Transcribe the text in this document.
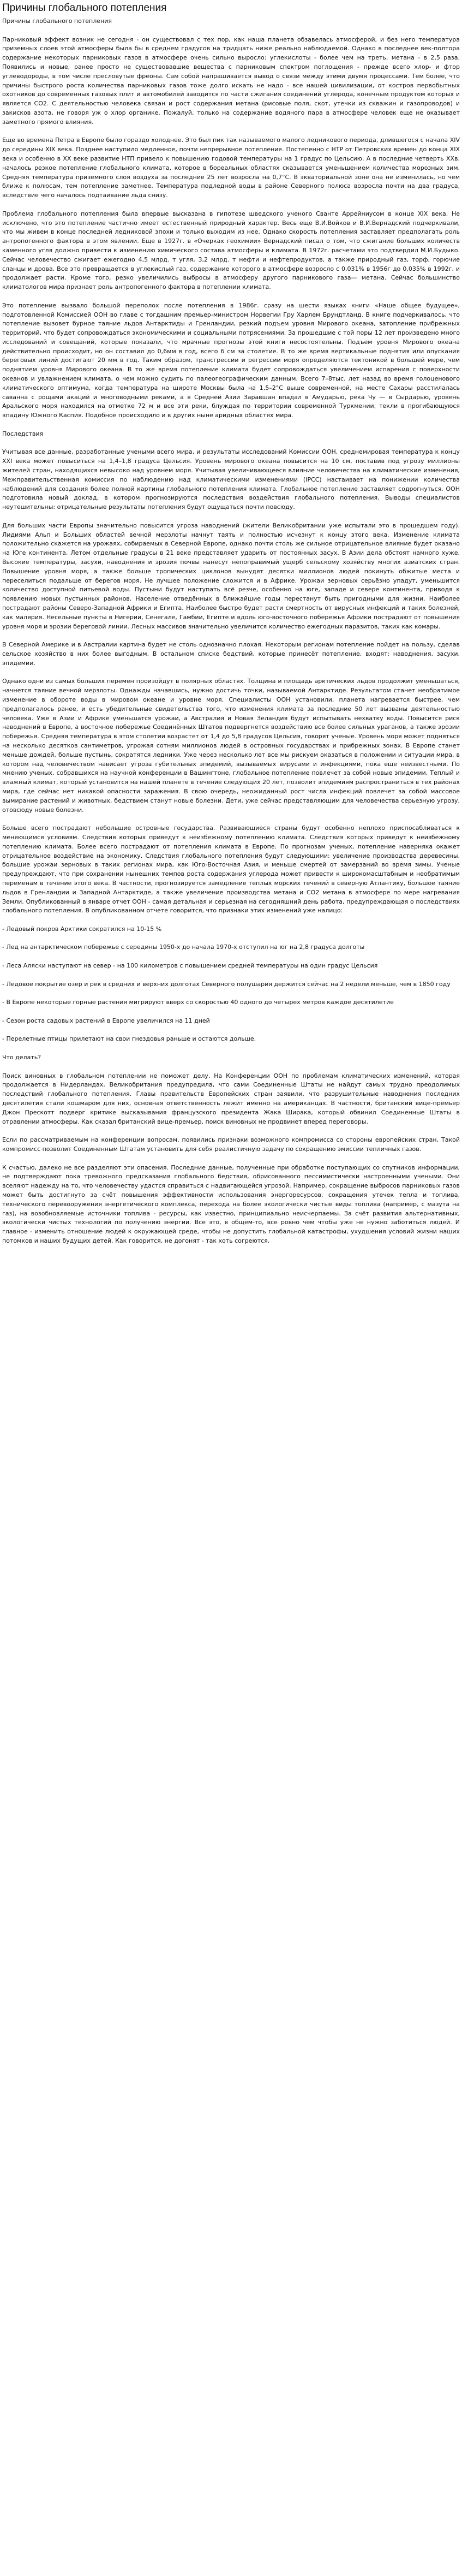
Причины глобального потепления

Причины глобального потепления

Парниковый эффект возник не сегодня - он существовал с тех пор, как наша планета обзавелась атмосферой, и без него температура приземных слоев этой атмосферы была бы в среднем градусов на тридцать ниже реально наблюдаемой. Однако в последнее век-полтора содержание некоторых парниковых газов в атмосфере очень сильно выросло: углекислоты - более чем на треть, метана - в 2,5 раза. Появились и новые, ранее просто не существовавшие вещества с парниковым спектром поглощения - прежде всего хлор- и фтор углеводороды, в том числе пресловутые фреоны. Сам собой напрашивается вывод о связи между этими двумя процессами. Тем более, что причины быстрого роста количества парниковых газов тоже долго искать не надо - все нашей цивилизации, от костров первобытных охотников до современных газовых плит и автомобилей заводится по части сжигания соединений углерода, конечным продуктом которых и является CO2. С деятельностью человека связан и рост содержания метана (рисовые поля, скот, утечки из скважин и газопроводов) и закисков азота, не говоря уж о хлор органике. Пожалуй, только на содержание водяного пара в атмосфере человек еще не оказывает заметного прямого влияния.

Еще во времена Петра в Европе было гораздо холоднее. Это был пик так называемого малого ледникового периода, длившегося с начала XIV до середины XIX века. Позднее наступило медленное, почти непрерывное потепление. Постепенно с НТР от Петровских времен до конца XIX века и особенно в XX веке развитие НТП привело к повышению годовой температуры на 1 градус по Цельсию. А в последние четверть XXв. началось резкое потепление глобального климата, которое в бореальных областях сказывается уменьшением количества морозных зим. Средняя температура приземного слоя воздуха за последние 25 лет возросла на 0,7°С. В экваториальной зоне она не изменилась, но чем ближе к полюсам, тем потепление заметнее. Температура подледной воды в районе Северного полюса возросла почти на два градуса, вследствие чего началось подтаивание льда снизу.

Проблема глобального потепления была впервые высказана в гипотезе шведского ученого Сванте Аррейниусом в конце XIX века. Не исключено, что это потепление частично имеет естественный природный характер. Весь еще В.И.Войков и В.И.Вернадский подчеркивали, что мы живем в конце последней ледниковой эпохи и только выходим из нее. Однако скорость потепления заставляет предполагать роль антропогенного фактора в этом явлении. Еще в 1927г. в «Очерках геохимии» Вернадский писал о том, что сжигание больших количеств каменного угля должно привести к изменению химического состава атмосферы и климата. В 1972г. расчетами это подтвердил М.И.Будыко. Сейчас человечество сжигает ежегодно 4,5 млрд. т угля, 3,2 млрд. т нефти и нефтепродуктов, а также природный газ, торф, горючие сланцы и дрова. Все это превращается в углекислый газ, содержание которого в атмосфере возросло с 0,031% в 1956г до 0,035% в 1992г. и продолжает расти. Кроме того, резко увеличились выбросы в атмосферу другого парникового газа— метана. Сейчас большинство климатологов мира признает роль антропогенного фактора в потеплении климата.

Это потепление вызвало большой переполох после потепления в 1986г. сразу на шести языках книги «Наше общее будущее», подготовленной Комиссией ООН во главе с тогдашним премьер-министром Норвегии Гру Харлем Брундтланд. В книге подчеркивалось, что потепление вызовет бурное таяние льдов Антарктиды и Гренландии, резкий подъем уровня Мирового океана, затопление прибрежных территорий, что будет сопровождаться экономическими и социальными потрясениями. За прошедшие с той поры 12 лет произведено много исследований и совещаний, которые показали, что мрачные прогнозы этой книги несостоятельны. Подъем уровня Мирового океана действительно происходит, но он составил до 0,6мм в год, всего 6 см за столетие. В то же время вертикальные поднятия или опускания береговых линий достигают 20 мм в год. Таким образом, трансгрессии и регрессии моря определяются тектоникой в большей мере, чем поднятием уровня Мирового океана. В то же время потепление климата будет сопровождаться увеличением испарения с поверхности океанов и увлажнением климата, о чем можно судить по палеогеографическим данным. Всего 7–8тыс. лет назад во время голоценового климатического оптимума, когда температура на широте Москвы была на 1,5–2°С выше современной, на месте Сахары расстилалась саванна с рощами акаций и многоводными реками, а в Средней Азии Заравшан впадал в Амударью, река Чу — в Сырдарью, уровень Аральского моря находился на отметке 72 м и все эти реки, блуждая по территории современной Туркмении, текли в прогибающуюся впадину Южного Каспия. Подобное происходило и в других ныне аридных областях мира.

Последствия

Учитывая все данные, разработанные учеными всего мира, и результаты исследований Комиссии ООН, среднемировая температура к концу XXI века может повыситься на 1,4–1,8 градуса Цельсия. Уровень мирового океана повысится на 10 см, поставив под угрозу миллионы жителей стран, находящихся невысоко над уровнем моря. Учитывая увеличивающееся влияние человечества на климатические изменения, Межправительственная комиссия по наблюдению над климатическими изменениями (IPCC) настаивает на понижении количества наблюдений для создания более полной картины глобального потепления климата. Глобальное потепление заставляет содрогнуться. ООН подготовила новый доклад, в котором прогнозируются последствия воздействия глобального потепления. Выводы специалистов неутешительны: отрицательные результаты потепления будут ощущаться почти повсюду.

Для больших части Европы значительно повысится угроза наводнений (жители Великобритании уже испытали это в прошедшем году). Лидиями Альп и Больших областей вечной мерзлоты начнут таять и полностью исчезнут к концу этого века. Изменение климата положительно скажется на урожаях, собираемых в Северной Европе, однако почти столь же сильное отрицательное влияние будет оказано на Юге континента. Летом отдельные градусы в 21 веке представляет ударить от постоянных засух. В Азии дела обстоят намного хуже. Высокие температуры, засухи, наводнения и эрозия почвы нанесут непоправимый ущерб сельскому хозяйству многих азиатских стран. Повышение уровня моря, а также больше тропических циклонов вынудят десятки миллионов людей покинуть обжитые места и переселиться подальше от берегов моря. Не лучшее положение сложится и в Африке. Урожаи зерновых серьёзно упадут, уменьшится количество доступной питьевой воды. Пустыни будут наступать всё резче, особенно на юге, западе и севере континента, приводя к появлению новых пустынных районов. Население отведённых в ближайшие годы перестанут быть пригодными для жизни. Наиболее пострадают районы Северо-Западной Африки и Египта. Наиболее быстро будет расти смертность от вирусных инфекций и таких болезней, как малярия. Несельные пункты в Нигерии, Сенегале, Гамбии, Египте и вдоль юго-восточного побережья Африки пострадают от повышения уровня моря и эрозии береговой линии. Лесных массивов значительно увеличится количество ежегодных паразитов, таких как комары.

В Северной Америке и в Австралии картина будет не столь однозначно плохая. Некоторым регионам потепление пойдет на пользу, сделав сельское хозяйство в них более выгодным. В остальном списке бедствий, которые принесёт потепление, входят: наводнения, засухи, эпидемии.

Однако одни из самых больших перемен произойдут в полярных областях. Толщина и площадь арктических льдов продолжит уменьшаться, начнется таяние вечной мерзлоты. Однажды начавшись, нужно достичь точки, называемой Антарктиде. Результатом станет необратимое изменение в обороте воды в мировом океане и уровне моря. Специалисты ООН установили, планета нагревается быстрее, чем предполагалось ранее, и есть убедительные свидетельства того, что изменения климата за последние 50 лет вызваны деятельностью человека. Уже в Азии и Африке уменьшатся урожаи, а Австралия и Новая Зеландия будут испытывать нехватку воды. Повысится риск наводнений в Европе, а восточное побережье Соединённых Штатов подвергнется воздействию все более сильных ураганов, а также эрозии побережья. Средняя температура в этом столетии возрастет от 1,4 до 5,8 градусов Цельсия, говорят ученые. Уровень моря может подняться на несколько десятков сантиметров, угрожая сотням миллионов людей в островных государствах и прибрежных зонах. В Европе станет меньше дождей, больше пустынь, сократятся ледники. Уже через несколько лет все мы рискуем оказаться в положении и ситуации мира, в котором над человечеством нависает угроза губительных эпидемий, вызываемых вирусами и инфекциями, пока еще неизвестными. По мнению ученых, собравшихся на научной конференции в Вашингтоне, глобальное потепление повлечет за собой новые эпидемии. Теплый и влажный климат, который установится на нашей планете в течение следующих 20 лет, позволит эпидемиям распространиться в тех районах мира, где сейчас нет никакой опасности заражения. В свою очередь, неожиданный рост числа инфекций повлечет за собой массовое вымирание растений и животных, бедствием станут новые болезни. Дети, уже сейчас представляющим для человечества серьезную угрозу, отовсюду новые болезни.

Больше всего пострадают небольшие островные государства. Развивающиеся страны будут особенно неплохо приспосабливаться к меняющимся условиям. Следствия которых приведут к неизбежному потеплению климата. Следствия которых приведут к неизбежному потеплению климата. Более всего пострадают от потепления климата в Европе. По прогнозам ученых, потепление наверняка окажет отрицательное воздействие на экономику. Следствия глобального потепления будут следующими: увеличение производства деревесины, большие урожаи зерновых в таких регионах мира, как Юго-Восточная Азия, и меньше смертей от замерзаний во время зимы. Ученые предупреждают, что при сохранении нынешних темпов роста содержания углерода может привести к широкомасштабным и необратимым переменам в течение этого века. В частности, прогнозируется замедление теплых морских течений в северную Атлантику, большое таяние льдов в Гренландии и Западной Антарктиде, а также увеличение производства метана и CO2 метана в атмосфере по мере нагревания Земли. Опубликованный в январе отчет ООН - самая детальная и серьезная на сегодняшний день работа, предупреждающая о последствиях глобального потепления. В опубликованном отчете говорится, что признаки этих изменений уже налицо:

- Ледовый покров Арктики сократился на 10-15 %

- Лед на антарктическом побережье с середины 1950-х до начала 1970-х отступил на юг на 2,8 градуса долготы

- Леса Аляски наступают на север - на 100 километров с повышением средней температуры на один градус Цельсия

- Ледовое покрытие озер и рек в средних и верхних долготах Северного полушария держится сейчас на 2 недели меньше, чем в 1850 году

- В Европе некоторые горные растения мигрируют вверх со скоростью 40 одного до четырех метров каждое десятилетие

- Сезон роста садовых растений в Европе увеличился на 11 дней

- Перелетные птицы прилетают на свои гнездовья раньше и остаются дольше.

Что делать?

Поиск виновных в глобальном потеплении не поможет делу. На Конференции ООН по проблемам климатических изменений, которая продолжается в Нидерландах, Великобритания предупредила, что сами Соединенные Штаты не найдут самых трудно преодолимых последствий глобального потепления. Главы правительств Европейских стран заявили, что разрушительные наводнения последних десятилетия стали кошмаром для них, основная ответственность лежит именно на американцах. В частности, британский вице-премьер Джон Прескотт подверг критике высказывания французского президента Жака Ширака, который обвинил Соединенные Штаты в отравлении атмосферы. Как сказал британский вице-премьер, поиск виновных не продвинет вперед переговоры.

Если по рассматриваемым на конференции вопросам, появились признаки возможного компромисса со стороны европейских стран. Такой компромисс позволит Соединенным Штатам установить для себя реалистичную задачу по сокращению эмиссии тепличных газов.

К счастью, далеко не все разделяют эти опасения. Последние данные, полученные при обработке поступающих со спутников информации, не подтверждают пока тревожного предсказания глобального бедствия, обрисованного пессимистически настроенными учеными. Они вселяют надежду на то, что человечеству удастся справиться с надвигающейся угрозой. Например, сокращение выбросов парниковых газов может быть достигнуто за счёт повышения эффективности использования энергоресурсов, сокращения утечек тепла и топлива, технического перевооружения энергетического комплекса, перехода на более экологически чистые виды топлива (например, с мазута на газ), на возобновляемые источники топлива - ресурсы, как известно, принципиально неисчерпаемы. За счёт развития альтернативных, экологически чистых технологий по получению энергии. Все это, в общем-то, все ровно чем чтобы уже не нужно заботиться людей. И главное - изменить отношение людей к окружающей среде, чтобы не допустить глобальной катастрофы, ухудшения условий жизни наших потомков и наших будущих детей. Как говорится, не догонят - так хоть согреются.
